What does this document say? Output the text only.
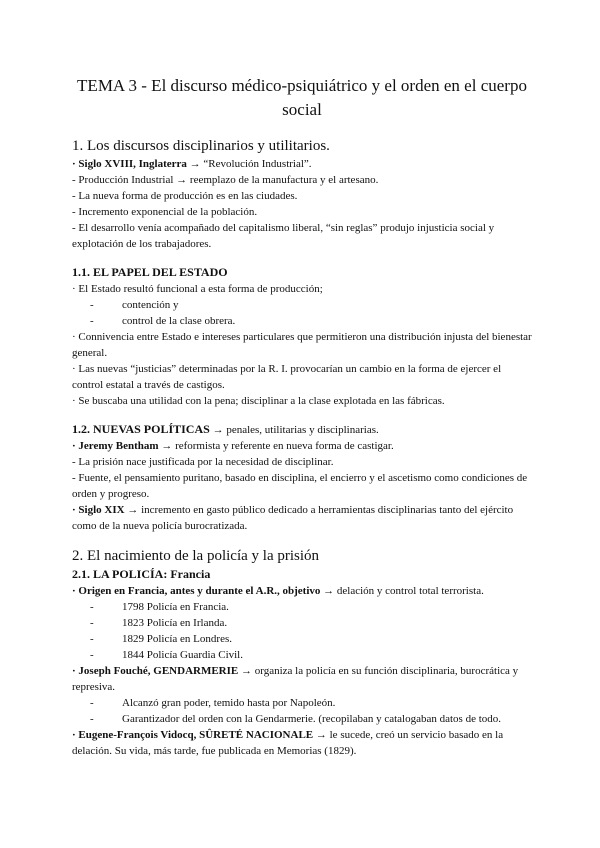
TEMA 3 - El discurso médico-psiquiátrico y el orden en el cuerpo social
1. Los discursos disciplinarios y utilitarios.

· Siglo XVIII, Inglaterra → “Revolución Industrial”.

- Producción Industrial → reemplazo de la manufactura y el artesano.

- La nueva forma de producción es en las ciudades.

- Incremento exponencial de la población.

- El desarrollo venía acompañado del capitalismo liberal, “sin reglas” produjo injusticia social y explotación de los trabajadores.

1.1. EL PAPEL DEL ESTADO

· El Estado resultó funcional a esta forma de producción;

- contención y
- control de la clase obrera.

· Connivencia entre Estado e intereses particulares que permitieron una distribución injusta del bienestar general.

· Las nuevas “justicias” determinadas por la R. I. provocarían un cambio en la forma de ejercer el control estatal a través de castigos.

· Se buscaba una utilidad con la pena; disciplinar a la clase explotada en las fábricas.

1.2. NUEVAS POLÍTICAS → penales, utilitarias y disciplinarias.

· Jeremy Bentham → reformista y referente en nueva forma de castigar.

- La prisión nace justificada por la necesidad de disciplinar.

- Fuente, el pensamiento puritano, basado en disciplina, el encierro y el ascetismo como condiciones de orden y progreso.

· Siglo XIX → incremento en gasto público dedicado a herramientas disciplinarias tanto del ejército como de la nueva policía burocratizada.

2. El nacimiento de la policía y la prisión
2.1. LA POLICÍA: Francia

· Origen en Francia, antes y durante el A.R., objetivo → delación y control total terrorista.

- 1798 Policía en Francia.
- 1823 Policía en Irlanda.
- 1829 Policía en Londres.
- 1844 Policía Guardia Civil.

· Joseph Fouché, GENDARMERIE → organiza la policía en su función disciplinaria, burocrática y represiva.

- Alcanzó gran poder, temido hasta por Napoleón.
- Garantizador del orden con la Gendarmerie. (recopilaban y catalogaban datos de todo.

· Eugene-François Vidocq, SÛRETÉ NACIONALE → le sucede, creó un servicio basado en la delación. Su vida, más tarde, fue publicada en Memorias (1829).
